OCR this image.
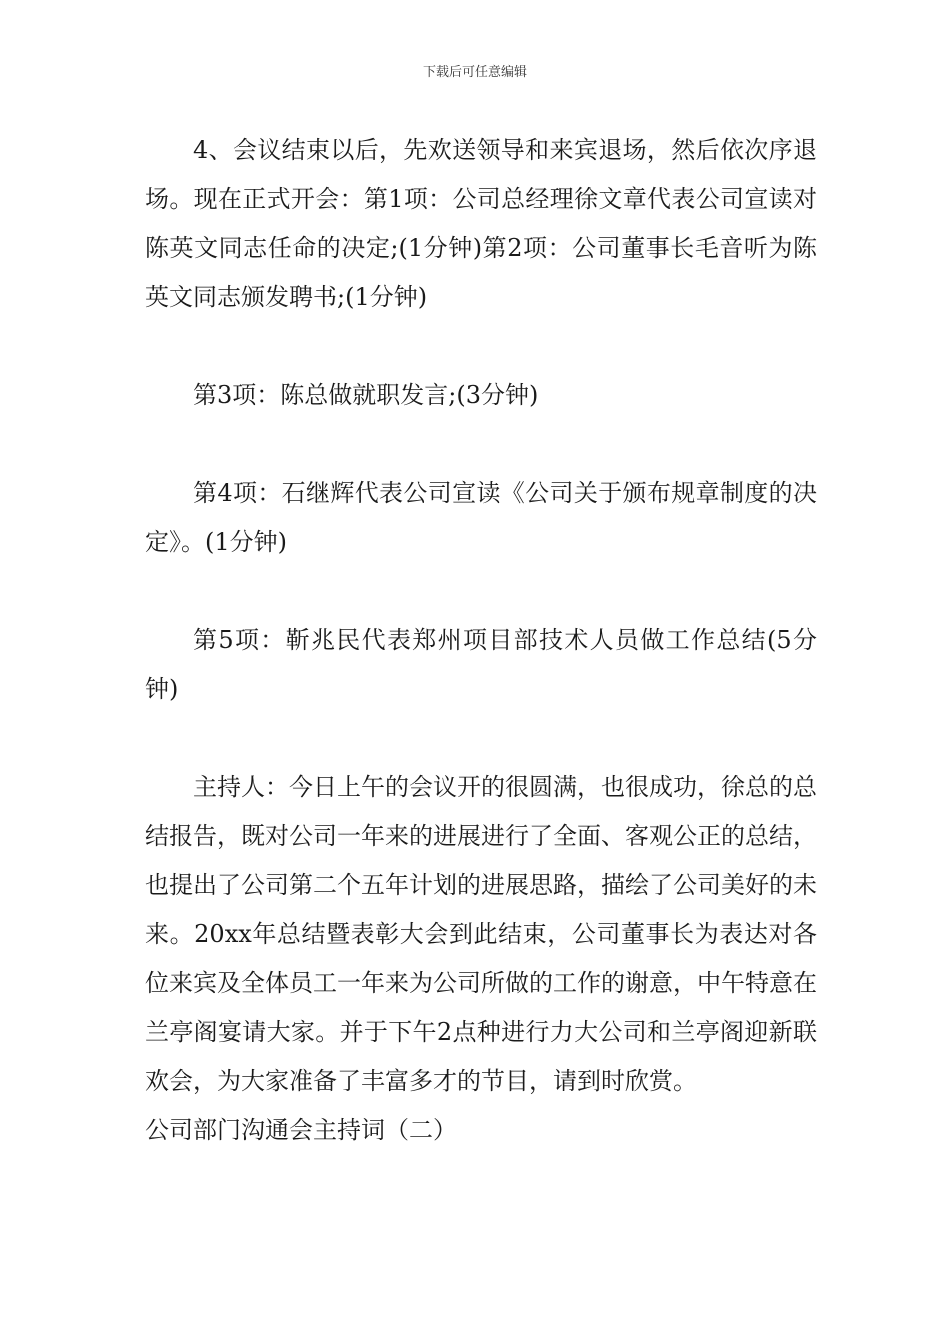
下载后可任意编辑

4、会议结束以后，先欢送领导和来宾退场，然后依次序退场。现在正式开会：第1项：公司总经理徐文章代表公司宣读对陈英文同志任命的决定;(1分钟)第2项：公司董事长毛音听为陈英文同志颁发聘书;(1分钟)

第3项：陈总做就职发言;(3分钟)

第4项：石继辉代表公司宣读《公司关于颁布规章制度的决定》。(1分钟)

第5项：靳兆民代表郑州项目部技术人员做工作总结(5分钟)

主持人：今日上午的会议开的很圆满，也很成功，徐总的总结报告，既对公司一年来的进展进行了全面、客观公正的总结，也提出了公司第二个五年计划的进展思路，描绘了公司美好的未来。20xx年总结暨表彰大会到此结束，公司董事长为表达对各位来宾及全体员工一年来为公司所做的工作的谢意，中午特意在兰亭阁宴请大家。并于下午2点种进行力大公司和兰亭阁迎新联欢会，为大家准备了丰富多才的节目，请到时欣赏。

公司部门沟通会主持词（二）
